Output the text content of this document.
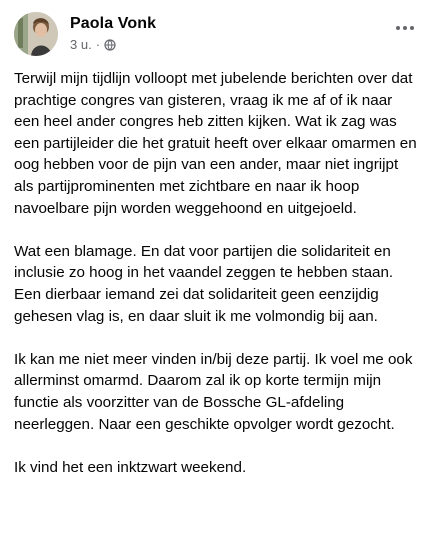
Paola Vonk
3 u. ·

Terwijl mijn tijdlijn volloopt met jubelende berichten over dat prachtige congres van gisteren, vraag ik me af of ik naar een heel ander congres heb zitten kijken. Wat ik zag was een partijleider die het gratuit heeft over elkaar omarmen en oog hebben voor de pijn van een ander, maar niet ingrijpt als partijprominenten met zichtbare en naar ik hoop navoelbare pijn worden weggehoond en uitgejoeld.

Wat een blamage. En dat voor partijen die solidariteit en inclusie zo hoog in het vaandel zeggen te hebben staan. Een dierbaar iemand zei dat solidariteit geen eenzijdig gehesen vlag is, en daar sluit ik me volmondig bij aan.

Ik kan me niet meer vinden in/bij deze partij. Ik voel me ook allerminst omarmd. Daarom zal ik op korte termijn mijn functie als voorzitter van de Bossche GL-afdeling neerleggen. Naar een geschikte opvolger wordt gezocht.

Ik vind het een inktzwart weekend.
